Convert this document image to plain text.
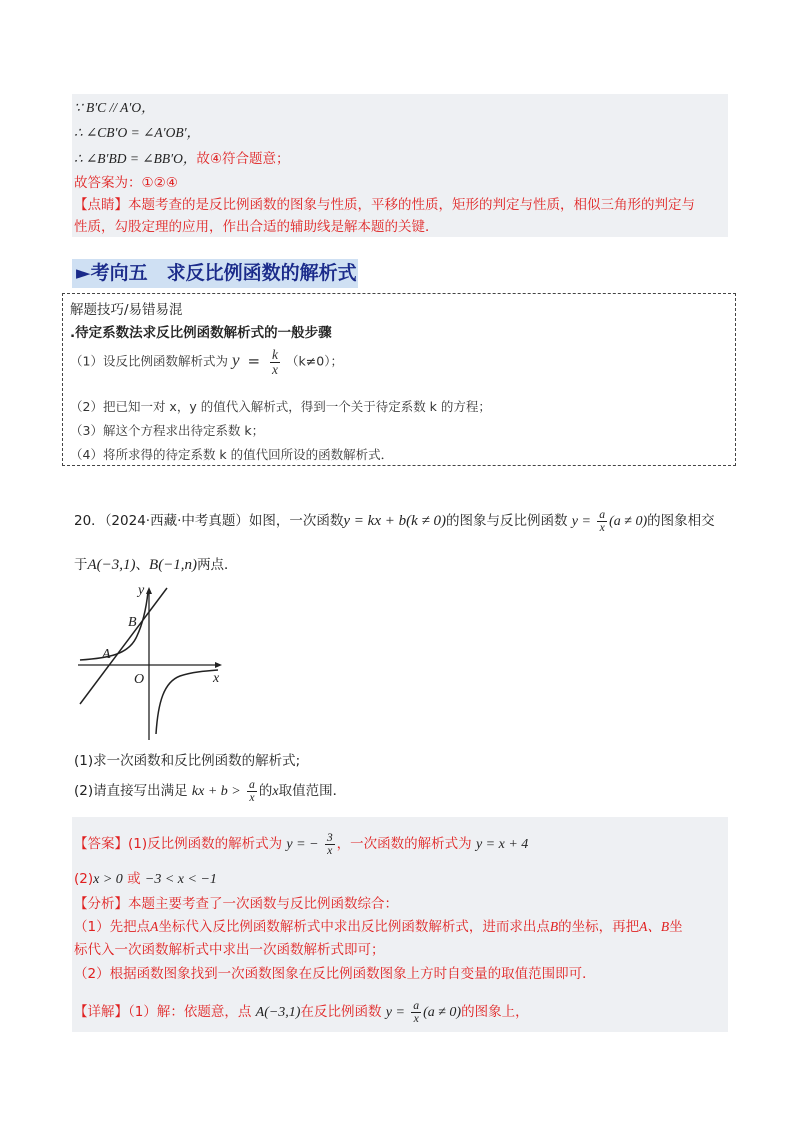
∵ B′C // A′O，
∴ ∠CB′O = ∠A′OB′，
∴ ∠B′BD = ∠BB′O，故④符合题意；
故答案为：①②④
【点睛】本题考查的是反比例函数的图象与性质，平移的性质，矩形的判定与性质，相似三角形的判定与
性质，勾股定理的应用，作出合适的辅助线是解本题的关键．
►考向五　求反比例函数的解析式
解题技巧/易错易混
.待定系数法求反比例函数解析式的一般步骤
（1）设反比例函数解析式为 $y = \frac{k}{x} (k\ne 0)$；
（2）把已知一对 x，y 的值代入解析式，得到一个关于待定系数 k 的方程；
（3）解这个方程求出待定系数 k；
（4）将所求得的待定系数 k 的值代回所设的函数解析式．
20．（2024·西藏·中考真题）如图，一次函数y = kx + b(k ≠ 0)的图象与反比例函数 $y = \frac{a}{x} (a \ne 0)$的图象相交
于A(−3,1)、B(−1,n)两点．
y
x
O
A
B
(1)求一次函数和反比例函数的解析式;
(2)请直接写出满足 kx + $b > \frac{a}{x}$ 的x取值范围．
【答案】(1)反比例函数的解析式为 y = − $\frac{3}{x}$ ，一次函数的解析式为 y = x + 4
(2)x > 0 或 −3 < x < −1
【分析】本题主要考查了一次函数与反比例函数综合：
（1）先把点A坐标代入反比例函数解析式中求出反比例函数解析式，进而求出点B的坐标，再把A、B坐
标代入一次函数解析式中求出一次函数解析式即可；
（2）根据函数图象找到一次函数图象在反比例函数图象上方时自变量的取值范围即可．
【详解】（1）解：依题意，点 A(−3,1)在反比例函数 $y = \frac{a}{x} (a \ne 0)$的图象上，
